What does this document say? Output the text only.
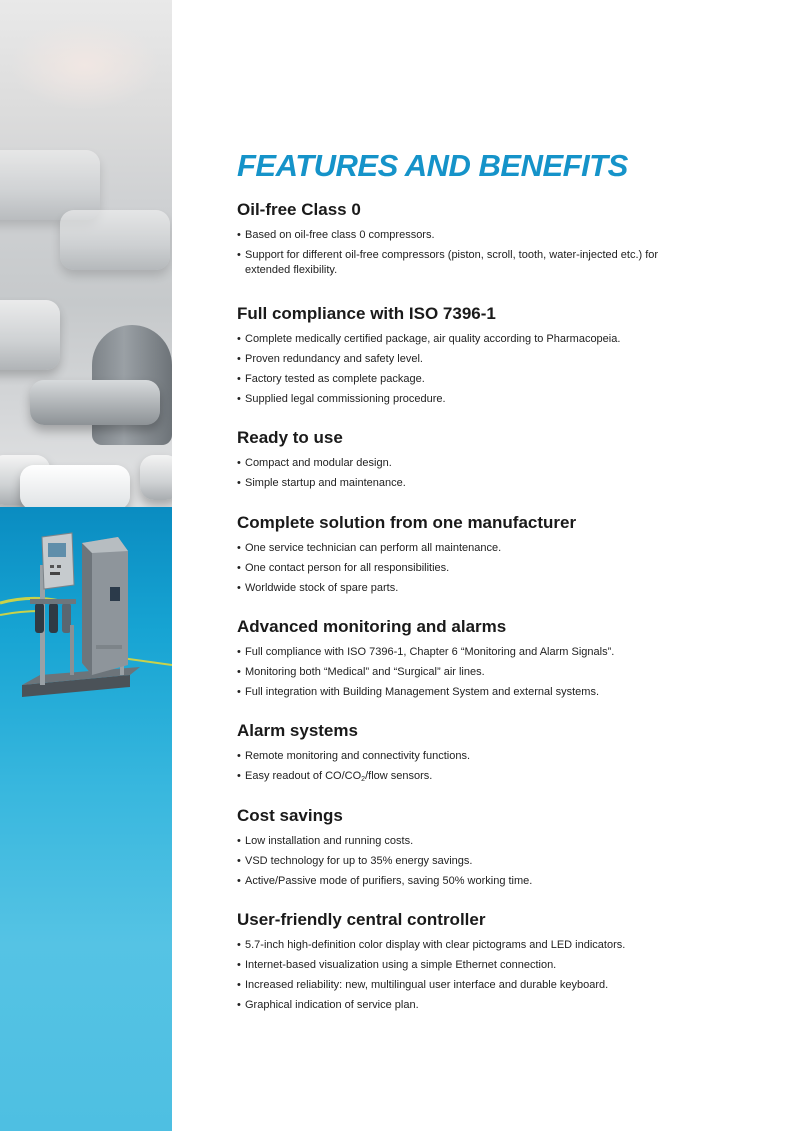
FEATURES AND BENEFITS
Oil-free Class 0
• Based on oil-free class 0 compressors.
• Support for different oil-free compressors (piston, scroll, tooth, water-injected etc.) for extended flexibility.
Full compliance with ISO 7396-1
• Complete medically certified package, air quality according to Pharmacopeia.
• Proven redundancy and safety level.
• Factory tested as complete package.
• Supplied legal commissioning procedure.
Ready to use
• Compact and modular design.
• Simple startup and maintenance.
Complete solution from one manufacturer
• One service technician can perform all maintenance.
• One contact person for all responsibilities.
• Worldwide stock of spare parts.
Advanced monitoring and alarms
• Full compliance with ISO 7396-1, Chapter 6 “Monitoring and Alarm Signals”.
• Monitoring both “Medical” and “Surgical” air lines.
• Full integration with Building Management System and external systems.
Alarm systems
• Remote monitoring and connectivity functions.
• Easy readout of $CO/CO_2$/flow sensors.
Cost savings
• Low installation and running costs.
• VSD technology for up to 35% energy savings.
• Active/Passive mode of purifiers, saving 50% working time.
User-friendly central controller
• 5.7-inch high-definition color display with clear pictograms and LED indicators.
• Internet-based visualization using a simple Ethernet connection.
• Increased reliability: new, multilingual user interface and durable keyboard.
• Graphical indication of service plan.
